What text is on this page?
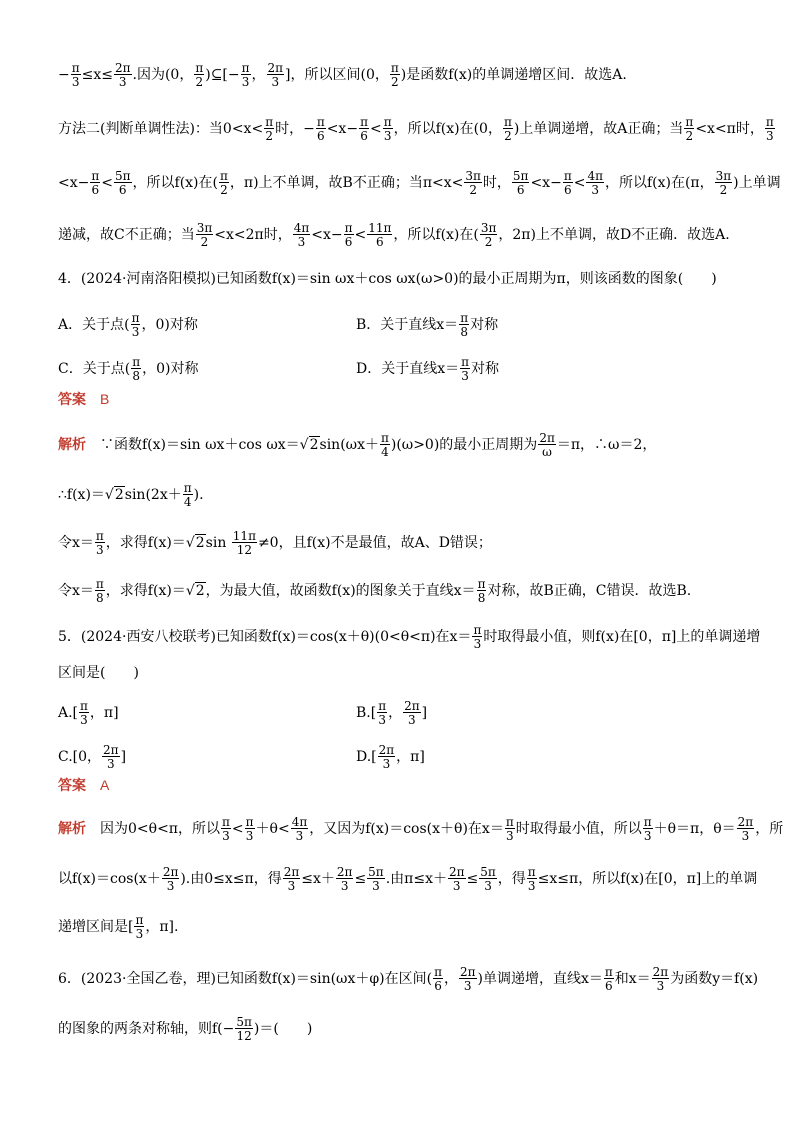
− $\frac{\pi}{3} \le x\le \frac{2\pi}{3}$ .因为(0， $\frac{\pi}{2}$ )⊆[− $\frac{\pi}{3}$ ， $\frac{2\pi}{3}$ ]，所以区间(0， $\frac{\pi}{2}$ )是函数f(x)的单调递增区间．故选A.
方法二(判断单调性法)：当$0<x< \frac{\pi}{2}$ 时，− $\frac{\pi}{6} <x- \frac{\pi}{6} < \frac{\pi}{3}$ ，所以f(x)在(0， $\frac{\pi}{2}$ )上单调递增，故A正确；当 $\frac{\pi}{2} <x<\pi$时， $\frac{\pi}{3}$
$<x- \frac{\pi}{6} < \frac{5\pi}{6}$ ，所以f(x)在( $\frac{\pi}{2}$ ，π)上不单调，故B不正确；当$\pi<x< \frac{3\pi}{2}$ 时， $\frac{5\pi}{6} <x- \frac{\pi}{6} < \frac{4\pi}{3}$ ，所以f(x)在(π， $\frac{3\pi}{2}$ )上单调
递减，故C不正确；当 $\frac{3\pi}{2} <x<2\pi$时， $\frac{4\pi}{3} <x- \frac{\pi}{6} < \frac{11\pi}{6}$ ，所以f(x)在( $\frac{3\pi}{2}$ ，2π)上不单调，故D不正确．故选A.
4．(2024·河南洛阳模拟)已知函数f(x)＝sin ωx＋cos ωx(ω>0)的最小正周期为π，则该函数的图象(　　)
解析　∵函数f(x)＝sin ωx＋cos $\omega x=√2\sin(\omega x+ \frac{\pi}{4} )(\omega>0)$的最小正周期为 $\frac{2\pi}{\omega} =\pi$，∴ω＝2，
∴f(x)＝√2sin(2x＋ $\frac{\pi}{4}$ ).
令$x= \frac{\pi}{3}$ ，求得$f(x)=√2\sin \frac{11\pi}{12} \ne 0$，且f(x)不是最值，故A、D错误；
令$x= \frac{\pi}{8}$ ，求得f(x)＝√2，为最大值，故函数f(x)的图象关于直线$x= \frac{\pi}{8}$ 对称，故B正确，C错误．故选B.
5．(2024·西安八校联考)已知函数f(x)＝cos(x＋θ)(0<θ<π)在$x= \frac{\pi}{3}$ 时取得最小值，则f(x)在[0，π]上的单调递增
区间是(　　)
解析　因为0<θ<π，所以 $\frac{\pi}{3} < \frac{\pi}{3} +\theta< \frac{4\pi}{3}$ ，又因为f(x)＝cos(x＋θ)在$x= \frac{\pi}{3}$ 时取得最小值，所以 $\frac{\pi}{3} +\theta=\pi$，$\theta= \frac{2\pi}{3}$ ，所
以$f(x)=\cos(x+ \frac{2\pi}{3}$ ).由0≤x≤π，得 $\frac{2\pi}{3} \le x+ \frac{2\pi}{3} \le \frac{5\pi}{3}$ .由$\pi\le x+ \frac{2\pi}{3} \le \frac{5\pi}{3}$ ，得 $\frac{\pi}{3} \le x\le\pi$，所以f(x)在[0，π]上的单调
递增区间是[ $\frac{\pi}{3}$ ，π].
6．(2023·全国乙卷，理)已知函数f(x)＝sin(ωx＋φ)在区间( $\frac{\pi}{6}$ ， $\frac{2\pi}{3}$ )单调递增，直线$x= \frac{\pi}{6}$ 和$x= \frac{2\pi}{3}$ 为函数y＝f(x)
的图象的两条对称轴，则$f(- \frac{5\pi}{12}$ )＝(　　)
A．关于点( $\frac{\pi}{3}$ ，0)对称	B．关于直线$x= \frac{\pi}{8}$ 对称
C．关于点( $\frac{\pi}{8}$ ，0)对称	D．关于直线$x= \frac{\pi}{3}$ 对称
$A.[ \frac{\pi}{3}$ ，π]	$B.[ \frac{\pi}{3}$ ， $\frac{2\pi}{3}$ ]
C.[0， $\frac{2\pi}{3}$ ]	$D.[ \frac{2\pi}{3}$ ，π]
答案　B
答案　A
